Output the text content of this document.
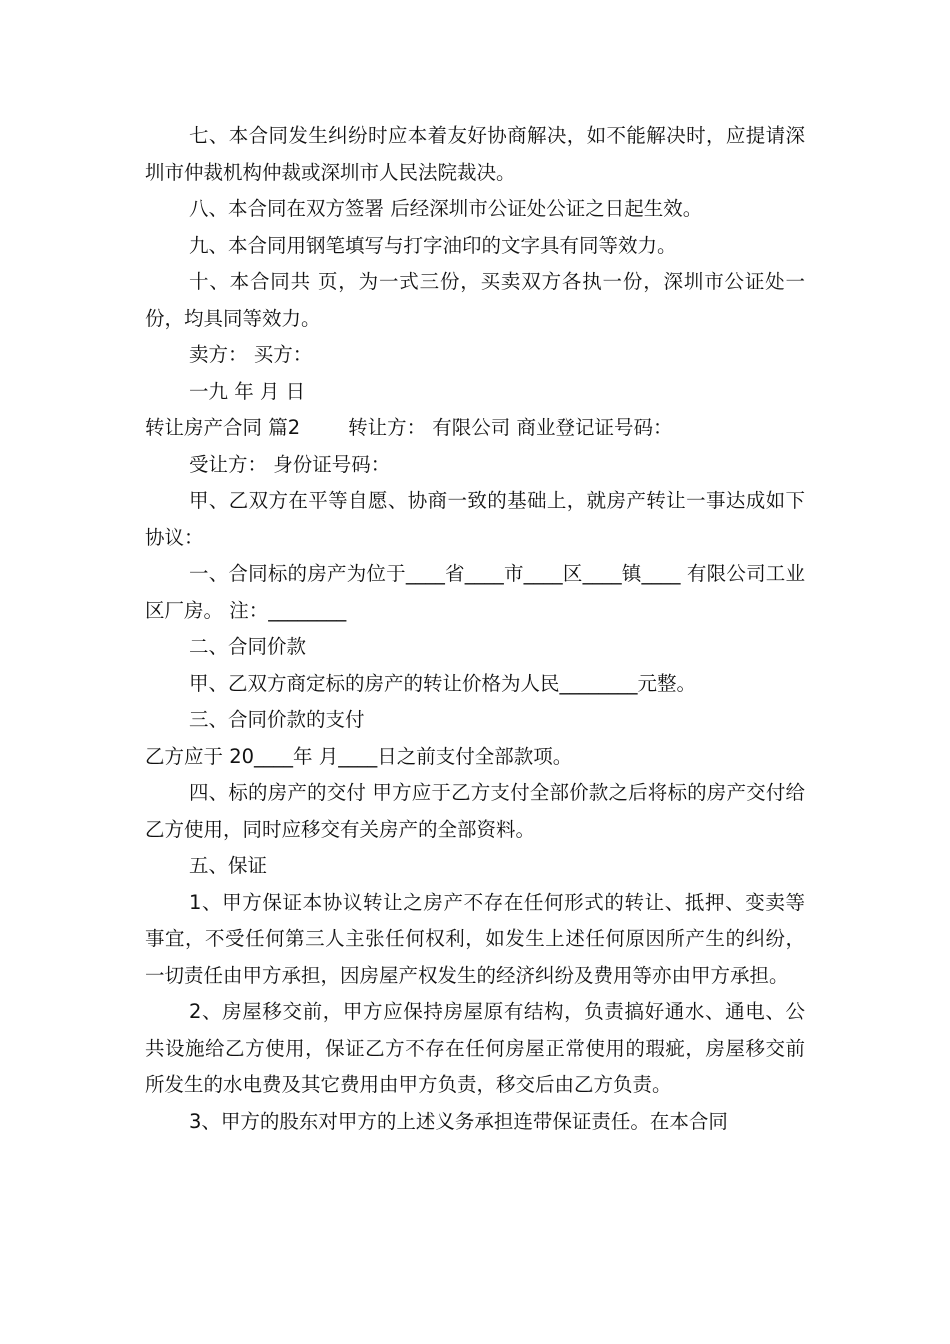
七、本合同发生纠纷时应本着友好协商解决，如不能解决时，应提请深圳市仲裁机构仲裁或深圳市人民法院裁决。

八、本合同在双方签署 后经深圳市公证处公证之日起生效。

九、本合同用钢笔填写与打字油印的文字具有同等效力。

十、本合同共 页，为一式三份，买卖双方各执一份，深圳市公证处一份，均具同等效力。

卖方： 买方：

一九 年 月 日

转让房产合同 篇2 转让方： 有限公司 商业登记证号码：

受让方： 身份证号码：

甲、乙双方在平等自愿、协商一致的基础上，就房产转让一事达成如下协议：

一、合同标的房产为位于____省____市____区____镇____ 有限公司工业区厂房。 注：________

二、合同价款

甲、乙双方商定标的房产的转让价格为人民________元整。

三、合同价款的支付

乙方应于 20____年 月____日之前支付全部款项。

四、标的房产的交付 甲方应于乙方支付全部价款之后将标的房产交付给乙方使用，同时应移交有关房产的全部资料。

五、保证

1、甲方保证本协议转让之房产不存在任何形式的转让、抵押、变卖等事宜，不受任何第三人主张任何权利，如发生上述任何原因所产生的纠纷，一切责任由甲方承担，因房屋产权发生的经济纠纷及费用等亦由甲方承担。

2、房屋移交前，甲方应保持房屋原有结构，负责搞好通水、通电、公共设施给乙方使用，保证乙方不存在任何房屋正常使用的瑕疵，房屋移交前所发生的水电费及其它费用由甲方负责，移交后由乙方负责。

3、甲方的股东对甲方的上述义务承担连带保证责任。在本合同
